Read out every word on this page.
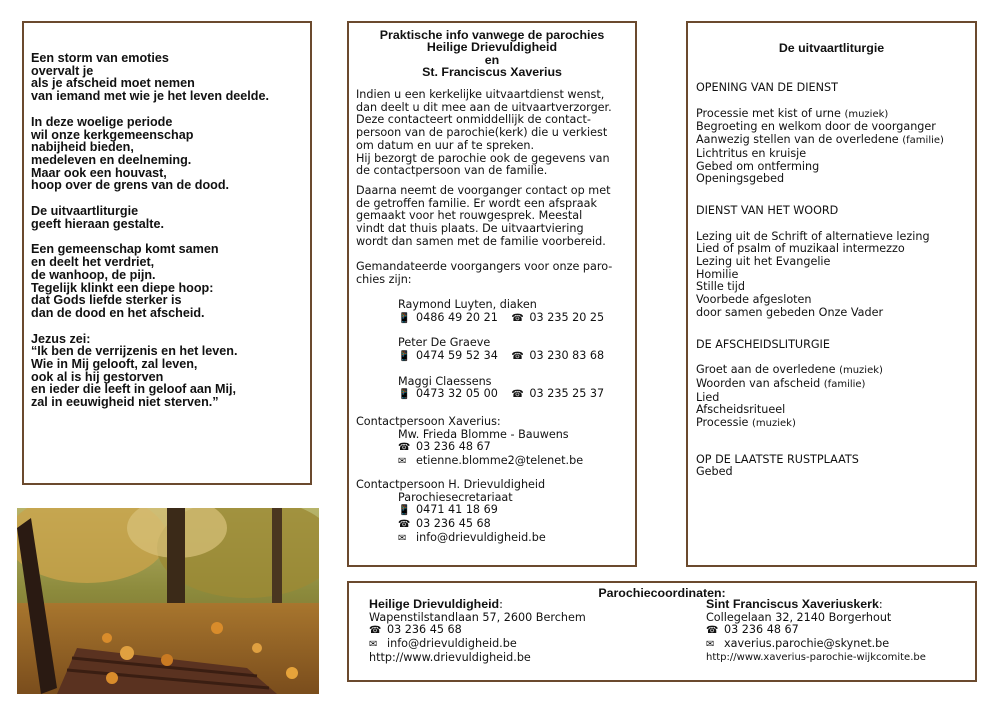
Een storm van emoties
overvalt je
als je afscheid moet nemen
van iemand met wie je het leven deelde.

In deze woelige periode
wil onze kerkgemeenschap
nabijheid bieden,
medeleven en deelneming.
Maar ook een houvast,
hoop over de grens van de dood.

De uitvaartliturgie
geeft hieraan gestalte.

Een gemeenschap komt samen
en deelt het verdriet,
de wanhoop, de pijn.
Tegelijk klinkt een diepe hoop:
dat Gods liefde sterker is
dan de dood en het afscheid.

Jezus zei:
“Ik ben de verrijzenis en het leven.
Wie in Mij gelooft, zal leven,
ook al is hij gestorven
en ieder die leeft in geloof aan Mij,
zal in eeuwigheid niet sterven.”

Praktische info vanwege de parochies
Heilige Drievuldigheid
en
St. Franciscus Xaverius
Indien u een kerkelijke uitvaartdienst wenst,
dan deelt u dit mee aan de uitvaartverzorger.
Deze contacteert onmiddellijk de contact-
persoon van de parochie(kerk) die u verkiest
om datum en uur af te spreken.
Hij bezorgt de parochie ook de gegevens van
de contactpersoon van de familie.
Daarna neemt de voorganger contact op met
de getroffen familie. Er wordt een afspraak
gemaakt voor het rouwgesprek. Meestal
vindt dat thuis plaats. De uitvaartviering
wordt dan samen met de familie voorbereid.
Gemandateerde voorgangers voor onze paro-
chies zijn:
Raymond Luyten, diaken
📱 0486 49 20 21 ☎ 03 235 20 25
Peter De Graeve
📱 0474 59 52 34 ☎ 03 230 83 68
Maggi Claessens
📱 0473 32 05 00 ☎ 03 235 25 37
Contactpersoon Xaverius:
Mw. Frieda Blomme - Bauwens
☎ 03 236 48 67
✉ etienne.blomme2@telenet.be
Contactpersoon H. Drievuldigheid
Parochiesecretariaat
📱 0471 41 18 69
☎ 03 236 45 68
✉ info@drievuldigheid.be
De uitvaartliturgie
OPENING VAN DE DIENST
Processie met kist of urne (muziek)
Begroeting en welkom door de voorganger
Aanwezig stellen van de overledene (familie)
Lichtritus en kruisje
Gebed om ontferming
Openingsgebed
DIENST VAN HET WOORD
Lezing uit de Schrift of alternatieve lezing
Lied of psalm of muzikaal intermezzo
Lezing uit het Evangelie
Homilie
Stille tijd
Voorbede afgesloten
door samen gebeden Onze Vader
DE AFSCHEIDSLITURGIE
Groet aan de overledene (muziek)
Woorden van afscheid (familie)
Lied
Afscheidsritueel
Processie (muziek)
OP DE LAATSTE RUSTPLAATS
Gebed
Parochiecoordinaten:
Heilige Drievuldigheid:
Wapenstilstandlaan 57, 2600 Berchem
☎ 03 236 45 68
✉ info@drievuldigheid.be
http://www.drievuldigheid.be
Sint Franciscus Xaveriuskerk:
Collegelaan 32, 2140 Borgerhout
☎ 03 236 48 67
✉ xaverius.parochie@skynet.be
http://www.xaverius-parochie-wijkcomite.be
